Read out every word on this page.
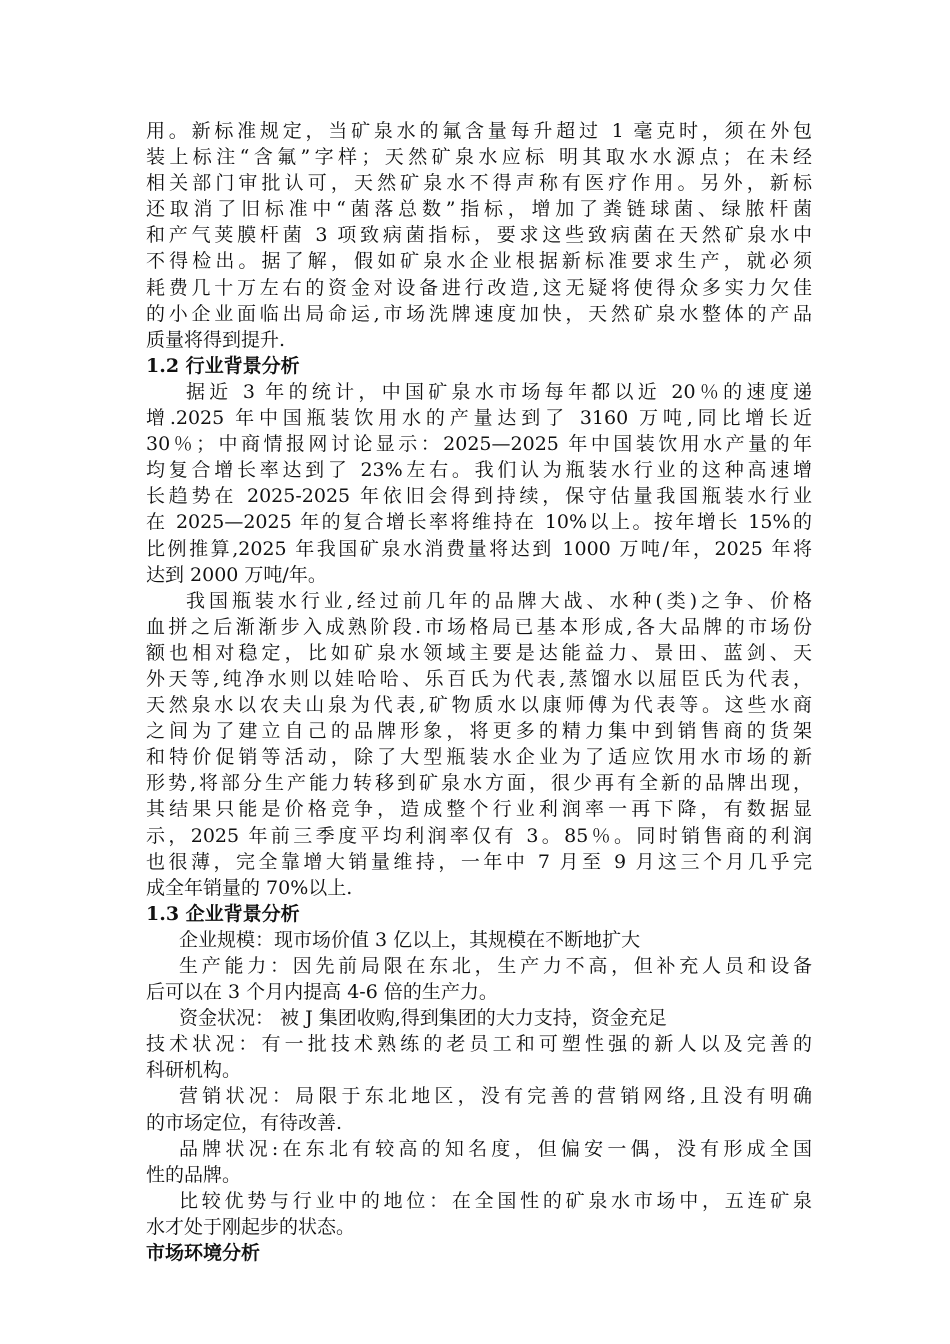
用。新标准规定，当矿泉水的氟含量每升超过 1 毫克时，须在外包
装上标注“含氟”字样；天然矿泉水应标 明其取水水源点；在未经
相关部门审批认可，天然矿泉水不得声称有医疗作用。另外，新标
还取消了旧标准中“菌落总数”指标，增加了粪链球菌、绿脓杆菌
和产气荚膜杆菌 3 项致病菌指标，要求这些致病菌在天然矿泉水中
不得检出。据了解，假如矿泉水企业根据新标准要求生产，就必须
耗费几十万左右的资金对设备进行改造,这无疑将使得众多实力欠佳
的小企业面临出局命运,市场洗牌速度加快，天然矿泉水整体的产品
质量将得到提升.
1.2 行业背景分析
据近 3 年的统计，中国矿泉水市场每年都以近 20％的速度递
增.2025 年中国瓶装饮用水的产量达到了 3160 万吨,同比增长近
30％；中商情报网讨论显示：2025—2025 年中国装饮用水产量的年
均复合增长率达到了 23%左右。我们认为瓶装水行业的这种高速增
长趋势在 2025-2025 年依旧会得到持续，保守估量我国瓶装水行业
在 2025—2025 年的复合增长率将维持在 10%以上。按年增长 15%的
比例推算,2025 年我国矿泉水消费量将达到 1000 万吨/年，2025 年将
达到 2000 万吨/年。
我国瓶装水行业,经过前几年的品牌大战、水种(类)之争、价格
血拼之后渐渐步入成熟阶段.市场格局已基本形成,各大品牌的市场份
额也相对稳定，比如矿泉水领域主要是达能益力、景田、蓝剑、天
外天等,纯净水则以娃哈哈、乐百氏为代表,蒸馏水以屈臣氏为代表，
天然泉水以农夫山泉为代表,矿物质水以康师傅为代表等。这些水商
之间为了建立自己的品牌形象，将更多的精力集中到销售商的货架
和特价促销等活动，除了大型瓶装水企业为了适应饮用水市场的新
形势,将部分生产能力转移到矿泉水方面，很少再有全新的品牌出现，
其结果只能是价格竞争，造成整个行业利润率一再下降，有数据显
示，2025 年前三季度平均利润率仅有 3。85％。同时销售商的利润
也很薄，完全靠增大销量维持，一年中 7 月至 9 月这三个月几乎完
成全年销量的 70%以上.
1.3 企业背景分析
企业规模：现市场价值 3 亿以上，其规模在不断地扩大
生产能力：因先前局限在东北，生产力不高，但补充人员和设备
后可以在 3 个月内提高 4-6 倍的生产力。
资金状况： 被 J 集团收购,得到集团的大力支持，资金充足
技术状况：有一批技术熟练的老员工和可塑性强的新人以及完善的
科研机构。
营销状况：局限于东北地区，没有完善的营销网络,且没有明确
的市场定位，有待改善.
品牌状况:在东北有较高的知名度，但偏安一偶，没有形成全国
性的品牌。
比较优势与行业中的地位：在全国性的矿泉水市场中，五连矿泉
水才处于刚起步的状态。
市场环境分析
